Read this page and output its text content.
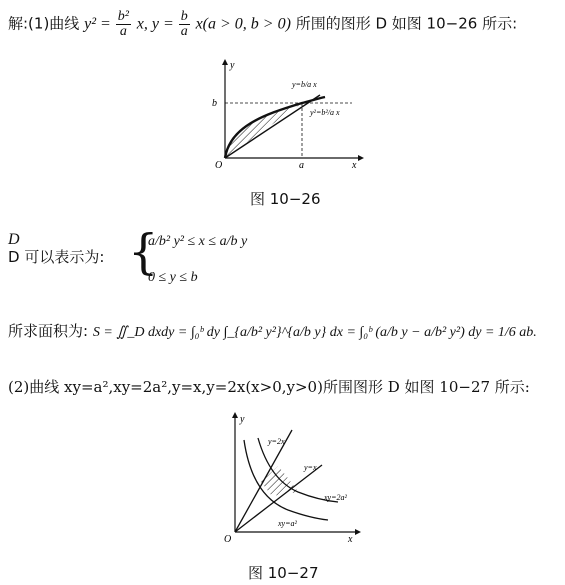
解:(1)曲线 $y^2 = \frac{\text{b²}}{a} x$, $y = \frac{b}{a} x(a > 0$, b > 0) 所围的图形 D 如图 10−26 所示:
y
x
O	a
b
y=b/a x
y²=b²/a x
图 10−26
D
D 可以表示为: {
a/b² y² ≤ x ≤ a/b y
0 ≤ y ≤ b
所求面积为: S = ∬_D dxdy = ∫₀ᵇ dy ∫_{a/b² y²}^{a/b y} dx = ∫₀ᵇ (a/b y − a/b² y²) dy = 1/6 ab.
(2)曲线 xy=a²,xy=2a²,y=x,y=2x(x>0,y>0)所围图形 D 如图 10−27 所示:
y
x
O
y=2x
y=x
xy=2a²
xy=a²
图 10−27
